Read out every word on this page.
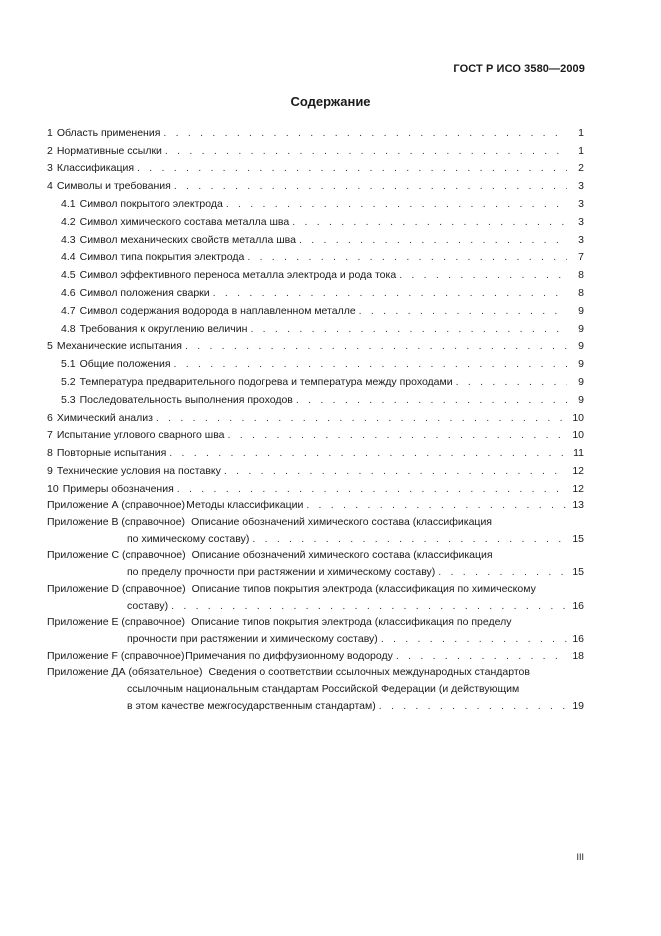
ГОСТ Р ИСО 3580—2009
Содержание
1 Область применения . . .	1
2 Нормативные ссылки . . .	1
3 Классификация . . .	2
4 Символы и требования . . .	3
4.1 Символ покрытого электрода . . .	3
4.2 Символ химического состава металла шва . . .	3
4.3 Символ механических свойств металла шва . . .	3
4.4 Символ типа покрытия электрода . . .	7
4.5 Символ эффективного переноса металла электрода и рода тока . . .	8
4.6 Символ положения сварки . . .	8
4.7 Символ содержания водорода в наплавленном металле . . .	9
4.8 Требования к округлению величин . . .	9
5 Механические испытания . . .	9
5.1 Общие положения . . .	9
5.2 Температура предварительного подогрева и температура между проходами . . .	9
5.3 Последовательность выполнения проходов . . .	9
6 Химический анализ . . .	10
7 Испытание углового сварного шва . . .	10
8 Повторные испытания . . .	11
9 Технические условия на поставку . . .	12
10 Примеры обозначения . . .	12
Приложение А (справочное) Методы классификации . . .	13
Приложение В (справочное) Описание обозначений химического состава (классификация
по химическому составу) . . .	15
Приложение С (справочное) Описание обозначений химического состава (классификация
по пределу прочности при растяжении и химическому составу) . . .	15
Приложение D (справочное) Описание типов покрытия электрода (классификация по химическому
составу) . . .	16
Приложение Е (справочное) Описание типов покрытия электрода (классификация по пределу
прочности при растяжении и химическому составу) . . .	16
Приложение F (справочное) Примечания по диффузионному водороду . . .	18
Приложение ДА (обязательное) Сведения о соответствии ссылочных международных стандартов
ссылочным национальным стандартам Российской Федерации (и действующим
в этом качестве межгосударственным стандартам) . . .	19
III
